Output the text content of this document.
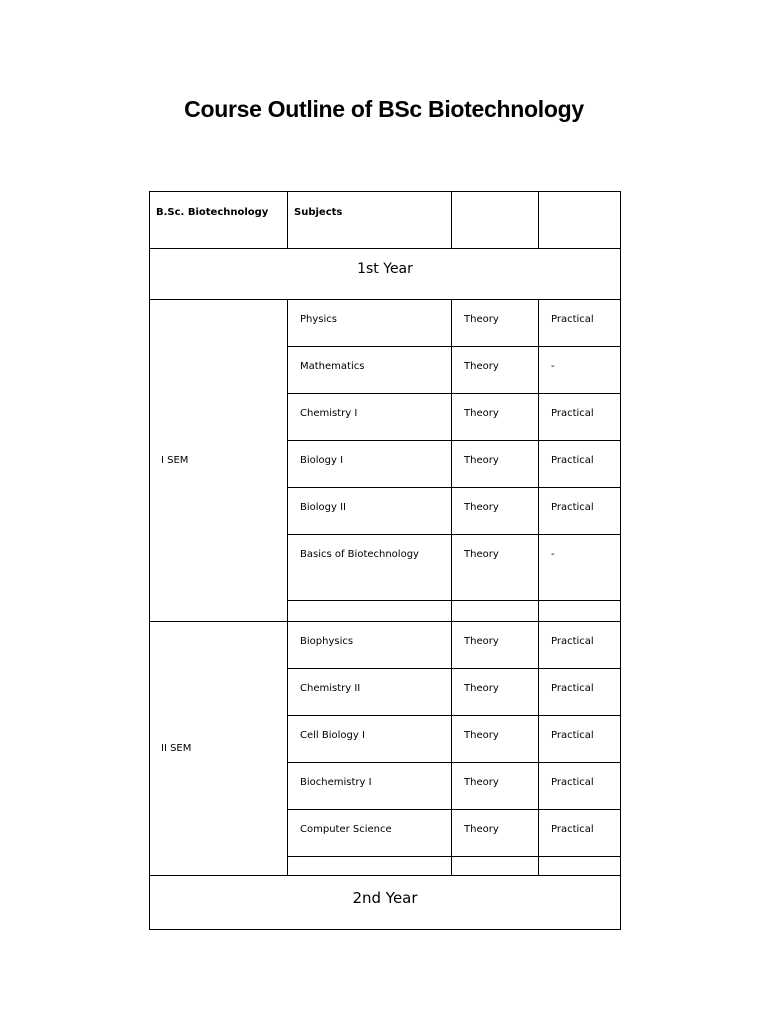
Course Outline of BSc Biotechnology
B.Sc. Biotechnology	Subjects		

1st Year			

I SEM	Physics	Theory	Practical

	Mathematics	Theory	-

	Chemistry I	Theory	Practical

	Biology I	Theory	Practical

	Biology II	Theory	Practical

	Basics of Biotechnology	Theory	-

II SEM	Biophysics	Theory	Practical

	Chemistry II	Theory	Practical

	Cell Biology I	Theory	Practical

	Biochemistry I	Theory	Practical

	Computer Science	Theory	Practical

2nd Year			
